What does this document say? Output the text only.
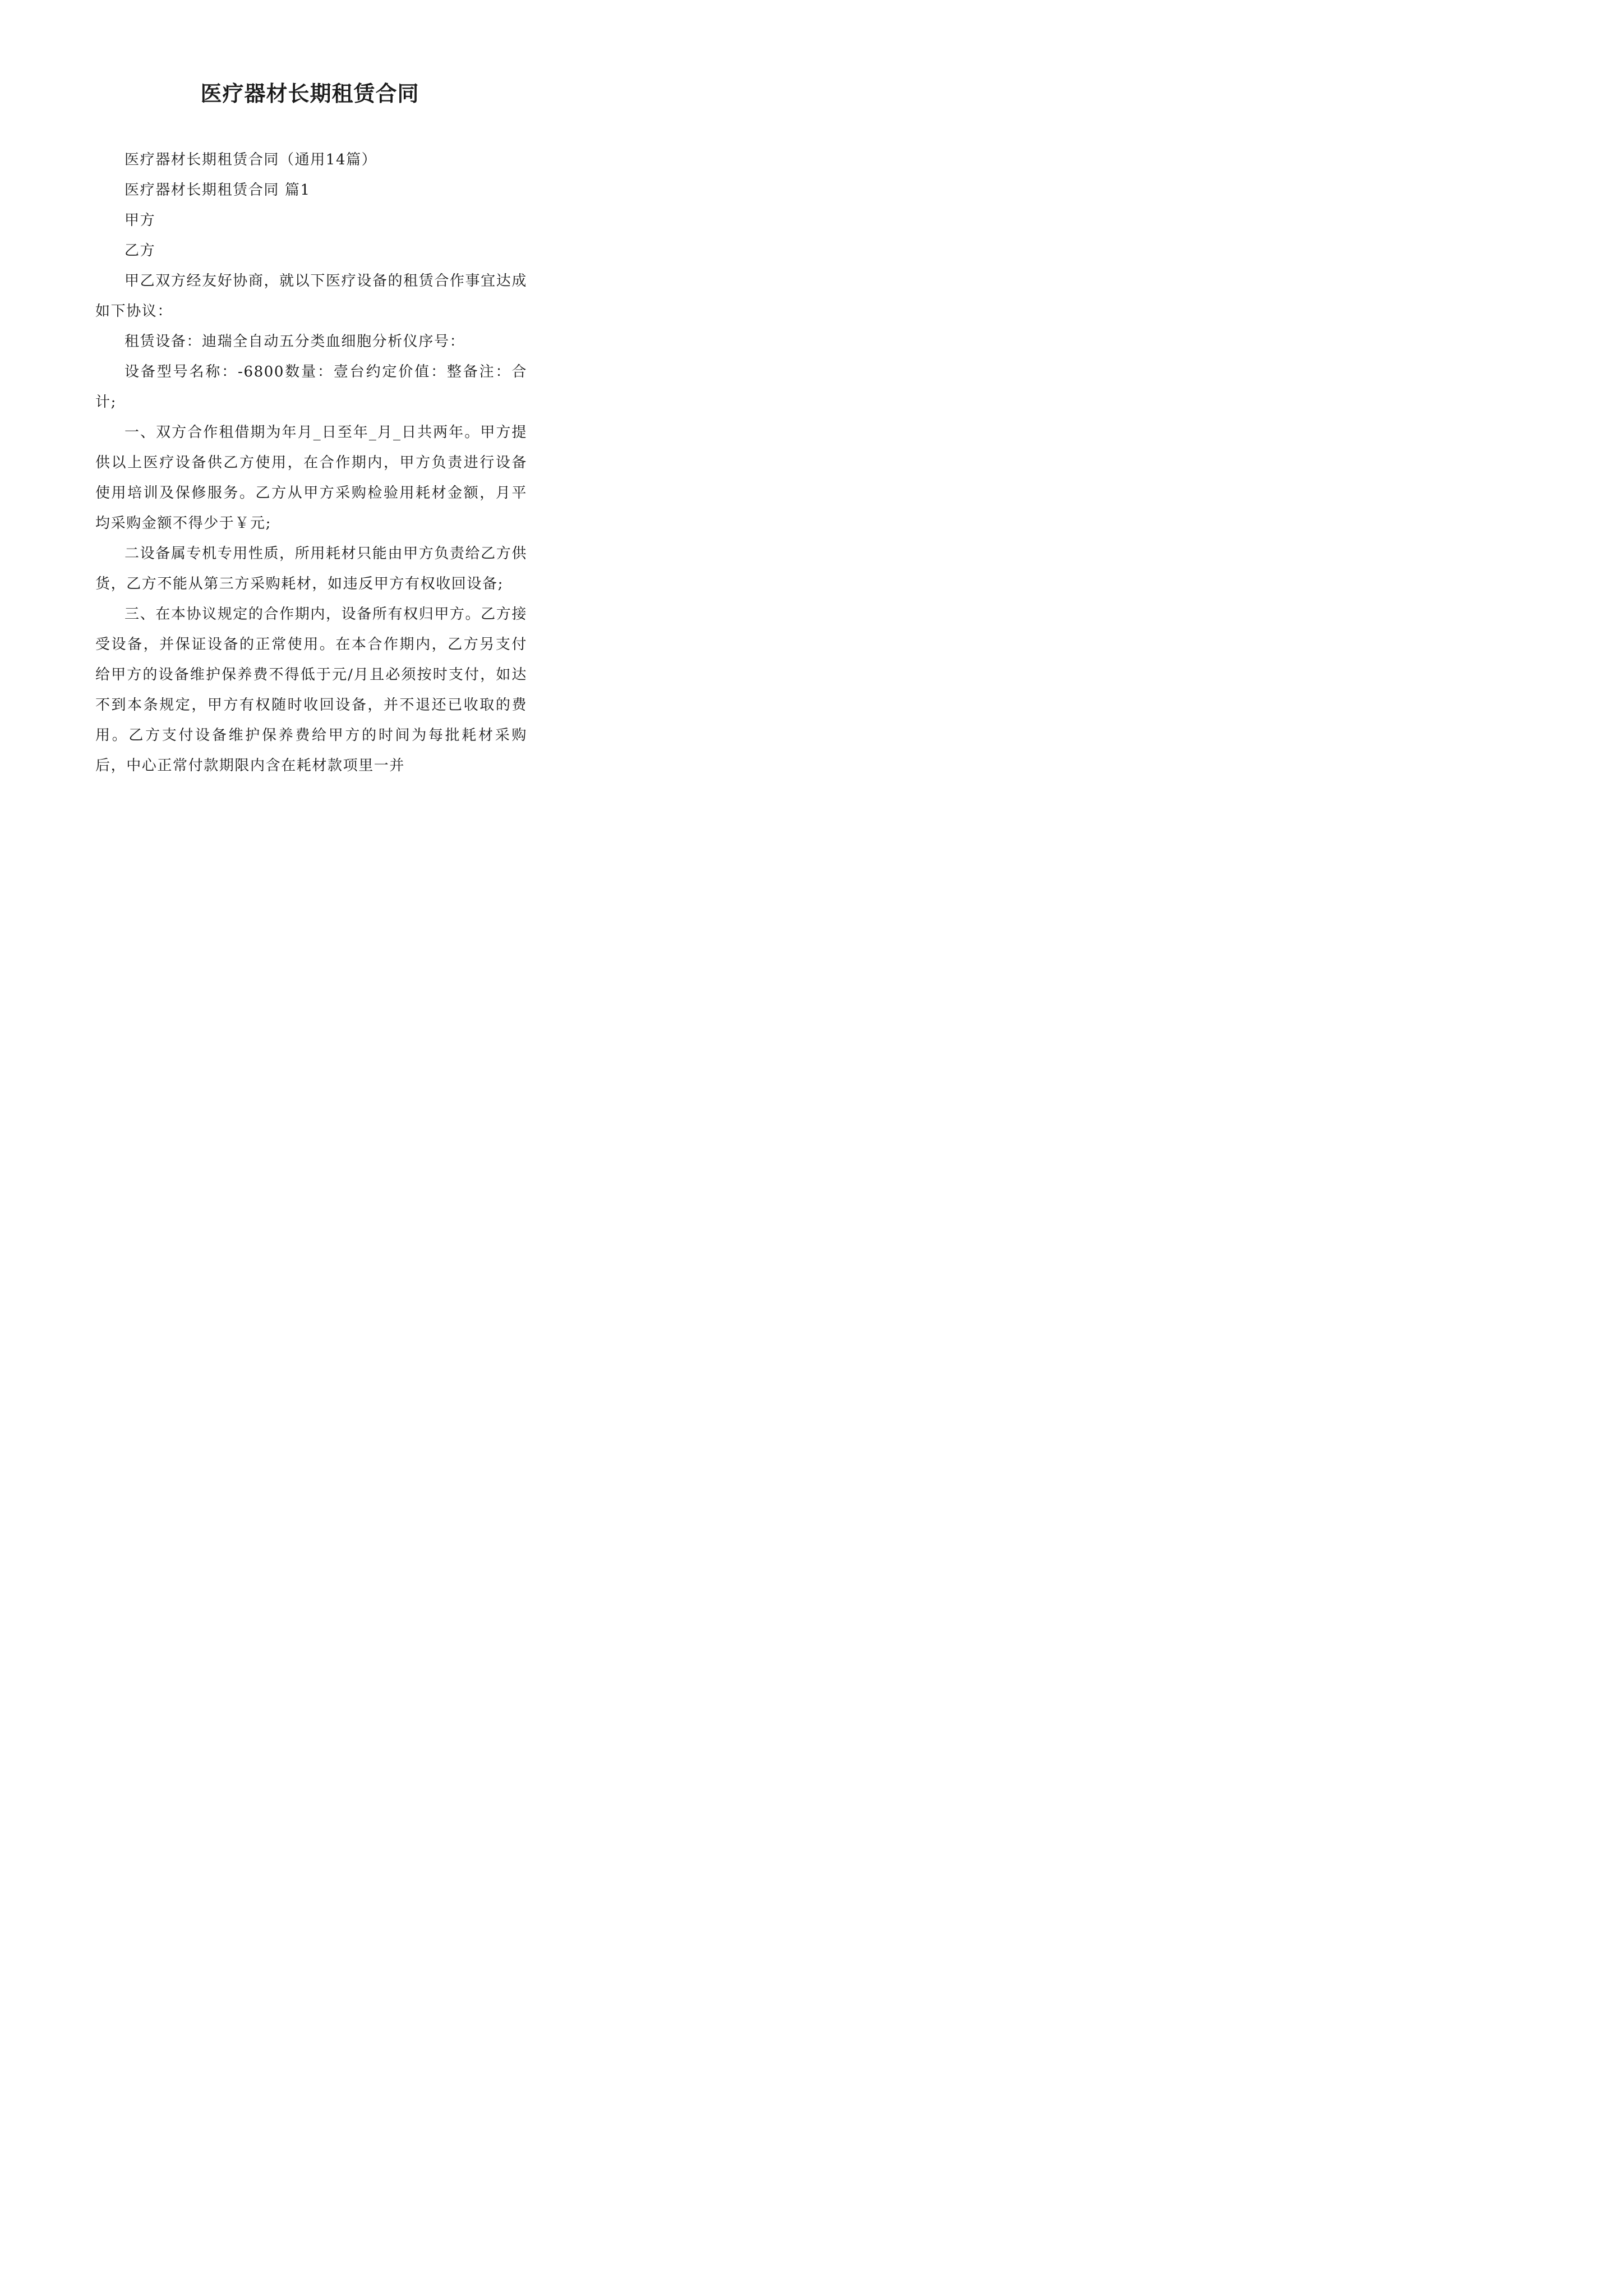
医疗器材长期租赁合同

医疗器材长期租赁合同（通用14篇）

医疗器材长期租赁合同 篇1

甲方

乙方

甲乙双方经友好协商，就以下医疗设备的租赁合作事宜达成如下协议：

租赁设备：迪瑞全自动五分类血细胞分析仪序号：

设备型号名称：-6800数量：壹台约定价值：整备注：合计;

一、双方合作租借期为年月_日至年_月_日共两年。甲方提供以上医疗设备供乙方使用，在合作期内，甲方负责进行设备使用培训及保修服务。乙方从甲方采购检验用耗材金额，月平均采购金额不得少于￥元;

二设备属专机专用性质，所用耗材只能由甲方负责给乙方供货，乙方不能从第三方采购耗材，如违反甲方有权收回设备;

三、在本协议规定的合作期内，设备所有权归甲方。乙方接受设备，并保证设备的正常使用。在本合作期内，乙方另支付给甲方的设备维护保养费不得低于元/月且必须按时支付，如达不到本条规定，甲方有权随时收回设备，并不退还已收取的费用。乙方支付设备维护保养费给甲方的时间为每批耗材采购后，中心正常付款期限内含在耗材款项里一并
